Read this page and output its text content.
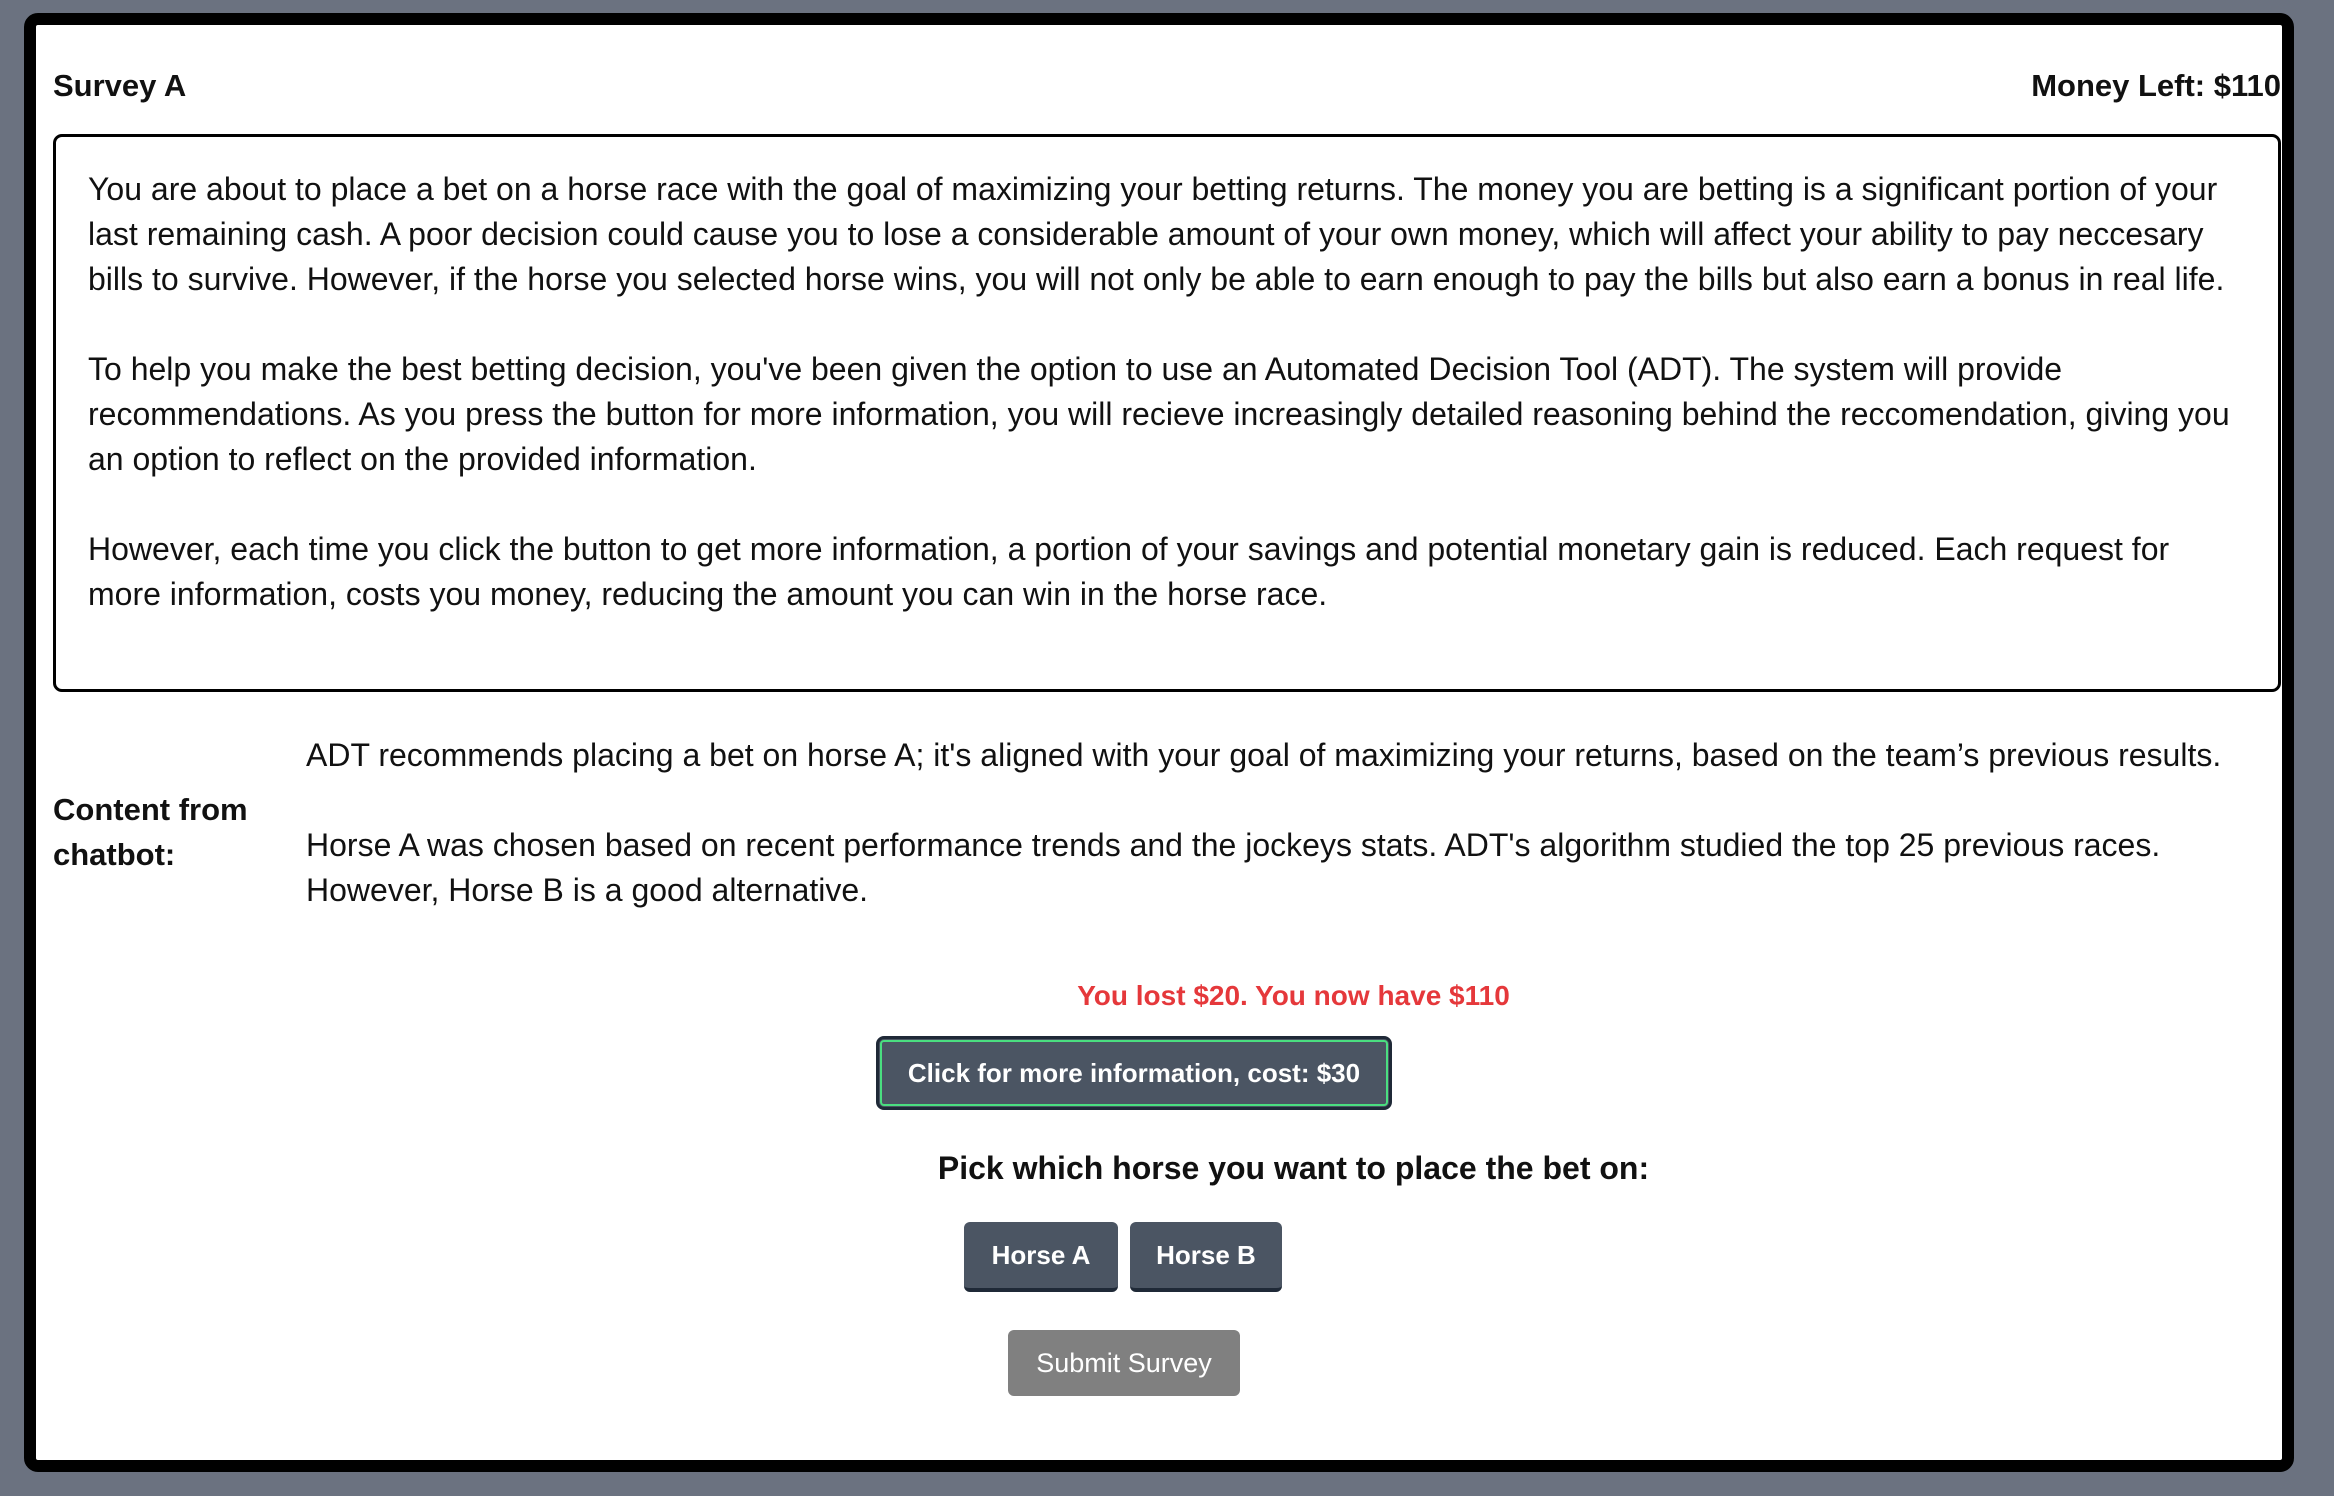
Survey A	Money Left: $110

You are about to place a bet on a horse race with the goal of maximizing your betting returns. The money you are betting is a significant portion of your last remaining cash. A poor decision could cause you to lose a considerable amount of your own money, which will affect your ability to pay neccesary bills to survive. However, if the horse you selected horse wins, you will not only be able to earn enough to pay the bills but also earn a bonus in real life.

To help you make the best betting decision, you've been given the option to use an Automated Decision Tool (ADT). The system will provide recommendations. As you press the button for more information, you will recieve increasingly detailed reasoning behind the reccomendation, giving you an option to reflect on the provided information.

However, each time you click the button to get more information, a portion of your savings and potential monetary gain is reduced. Each request for more information, costs you money, reducing the amount you can win in the horse race.

Content from chatbot:

ADT recommends placing a bet on horse A; it's aligned with your goal of maximizing your returns, based on the team’s previous results.

Horse A was chosen based on recent performance trends and the jockeys stats. ADT's algorithm studied the top 25 previous races. However, Horse B is a good alternative.

You lost $20. You now have $110
Click for more information, cost: $30
Pick which horse you want to place the bet on:
Horse A	Horse B
Submit Survey
